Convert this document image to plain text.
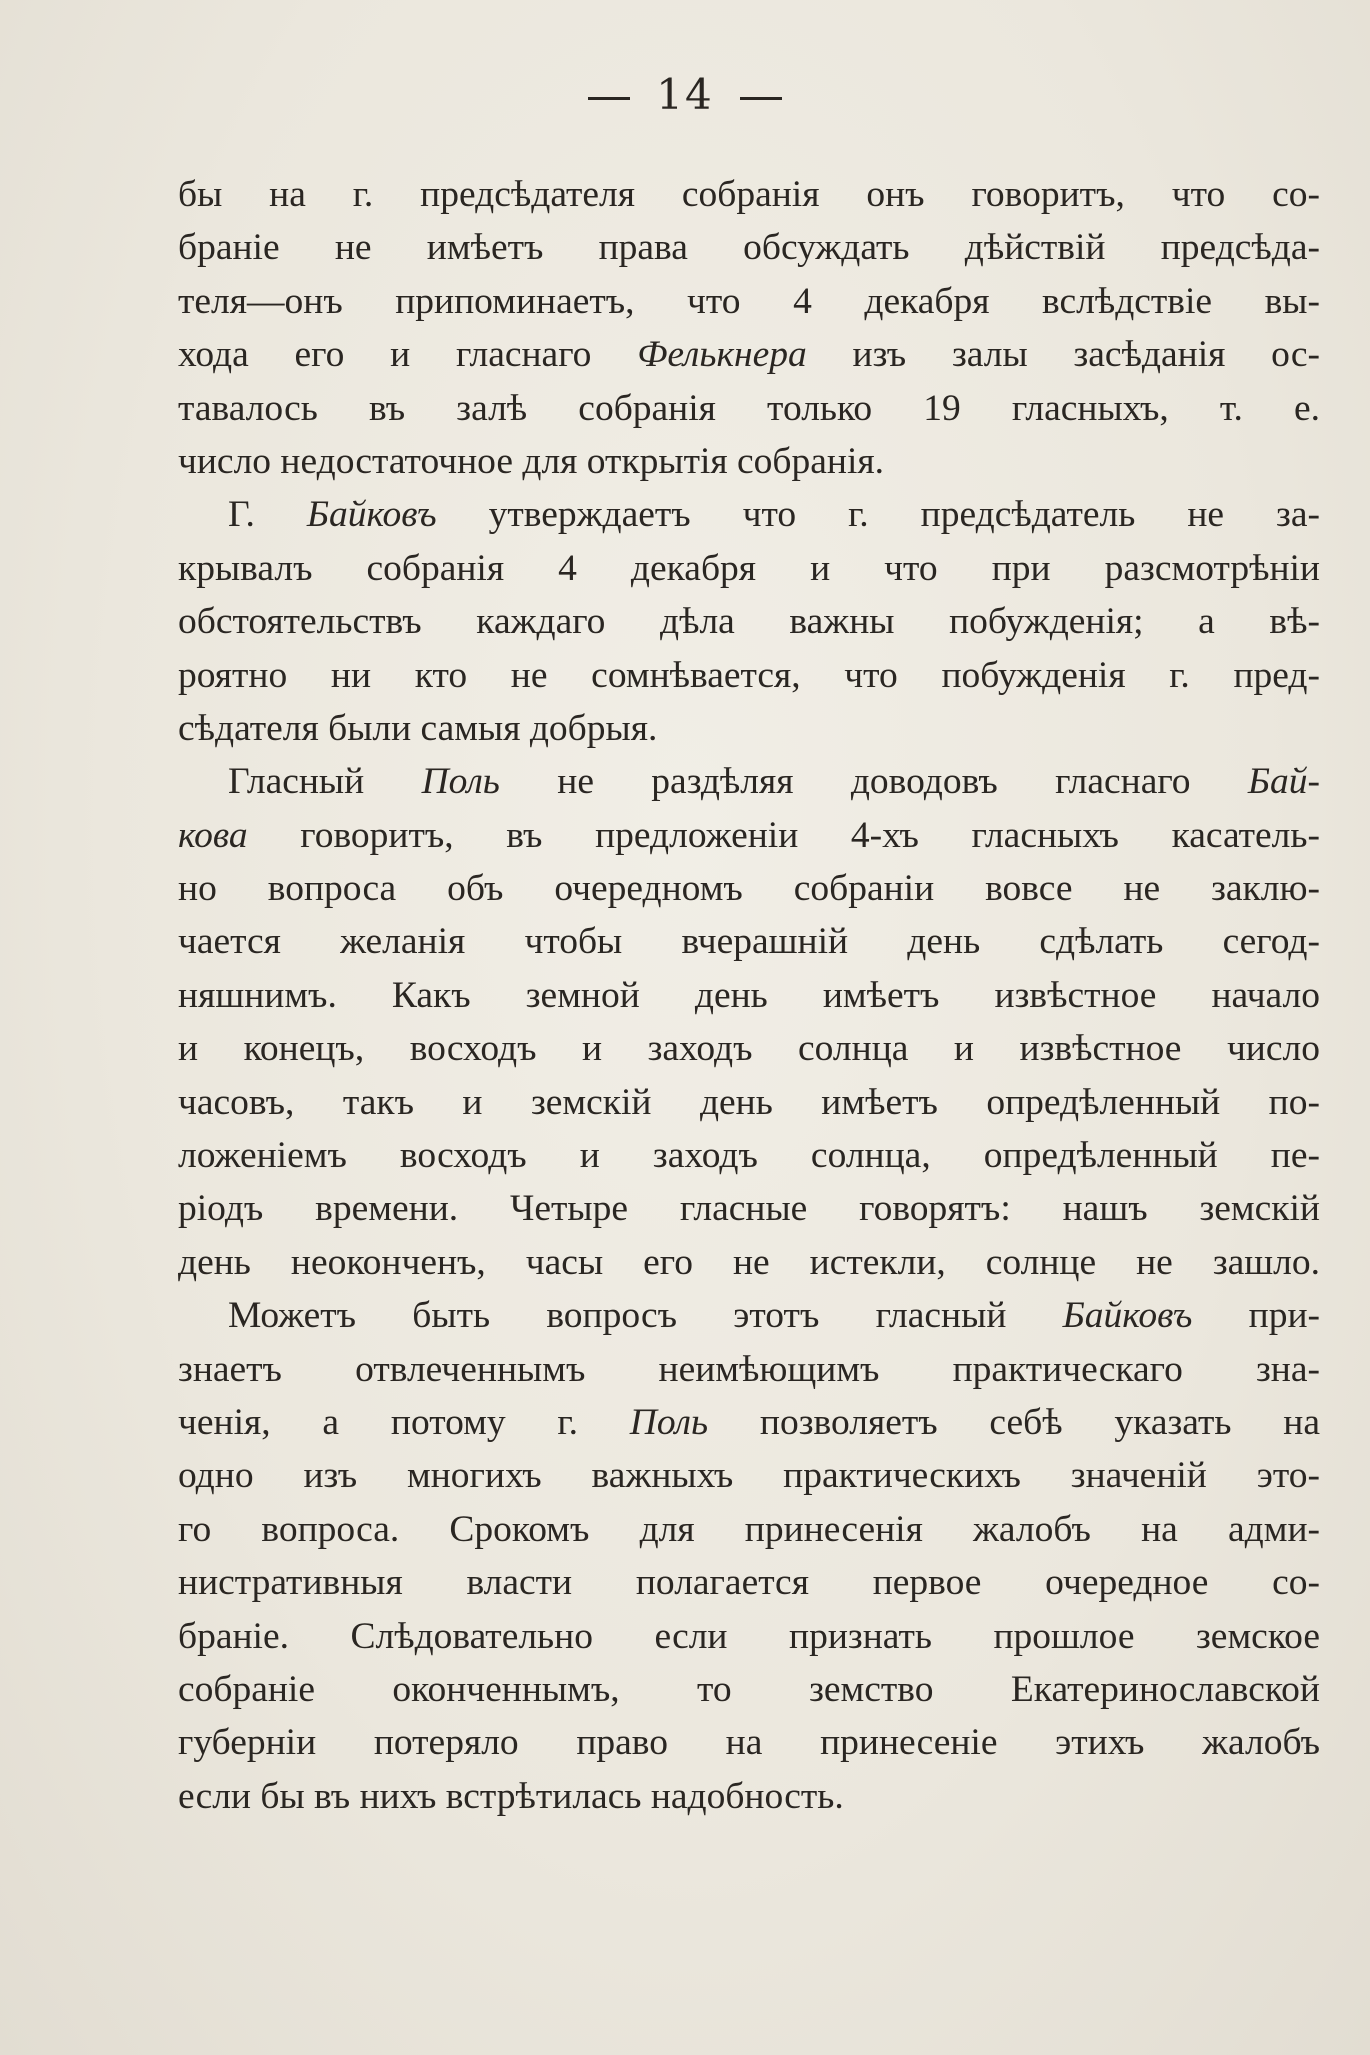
14
бы на г. предсѣдателя собранія онъ говоритъ, что со-
браніе не имѣетъ права обсуждать дѣйствій предсѣда-
теля—онъ припоминаетъ, что 4 декабря вслѣдствіе вы-
хода его и гласнаго Фелькнера изъ залы засѣданія ос-
тавалось въ залѣ собранія только 19 гласныхъ, т. е.
число недостаточное для открытія собранія.
Г. Байковъ утверждаетъ что г. предсѣдатель не за-
крывалъ собранія 4 декабря и что при разсмотрѣніи
обстоятельствъ каждаго дѣла важны побужденія; а вѣ-
роятно ни кто не сомнѣвается, что побужденія г. пред-
сѣдателя были самыя добрыя.
Гласный Поль не раздѣляя доводовъ гласнаго Бай-
кова говоритъ, въ предложеніи 4-хъ гласныхъ касатель-
но вопроса объ очередномъ собраніи вовсе не заклю-
чается желанія чтобы вчерашній день сдѣлать сегод-
няшнимъ. Какъ земной день имѣетъ извѣстное начало
и конецъ, восходъ и заходъ солнца и извѣстное число
часовъ, такъ и земскій день имѣетъ опредѣленный по-
ложеніемъ восходъ и заходъ солнца, опредѣленный пе-
ріодъ времени. Четыре гласные говорятъ: нашъ земскій
день неоконченъ, часы его не истекли, солнце не зашло.
Можетъ быть вопросъ этотъ гласный Байковъ при-
знаетъ отвлеченнымъ неимѣющимъ практическаго зна-
ченія, а потому г. Поль позволяетъ себѣ указать на
одно изъ многихъ важныхъ практическихъ значеній это-
го вопроса. Срокомъ для принесенія жалобъ на адми-
нистративныя власти полагается первое очередное со-
браніе. Слѣдовательно если признать прошлое земское
собраніе оконченнымъ, то земство Екатеринославской
губерніи потеряло право на принесеніе этихъ жалобъ
если бы въ нихъ встрѣтилась надобность.
